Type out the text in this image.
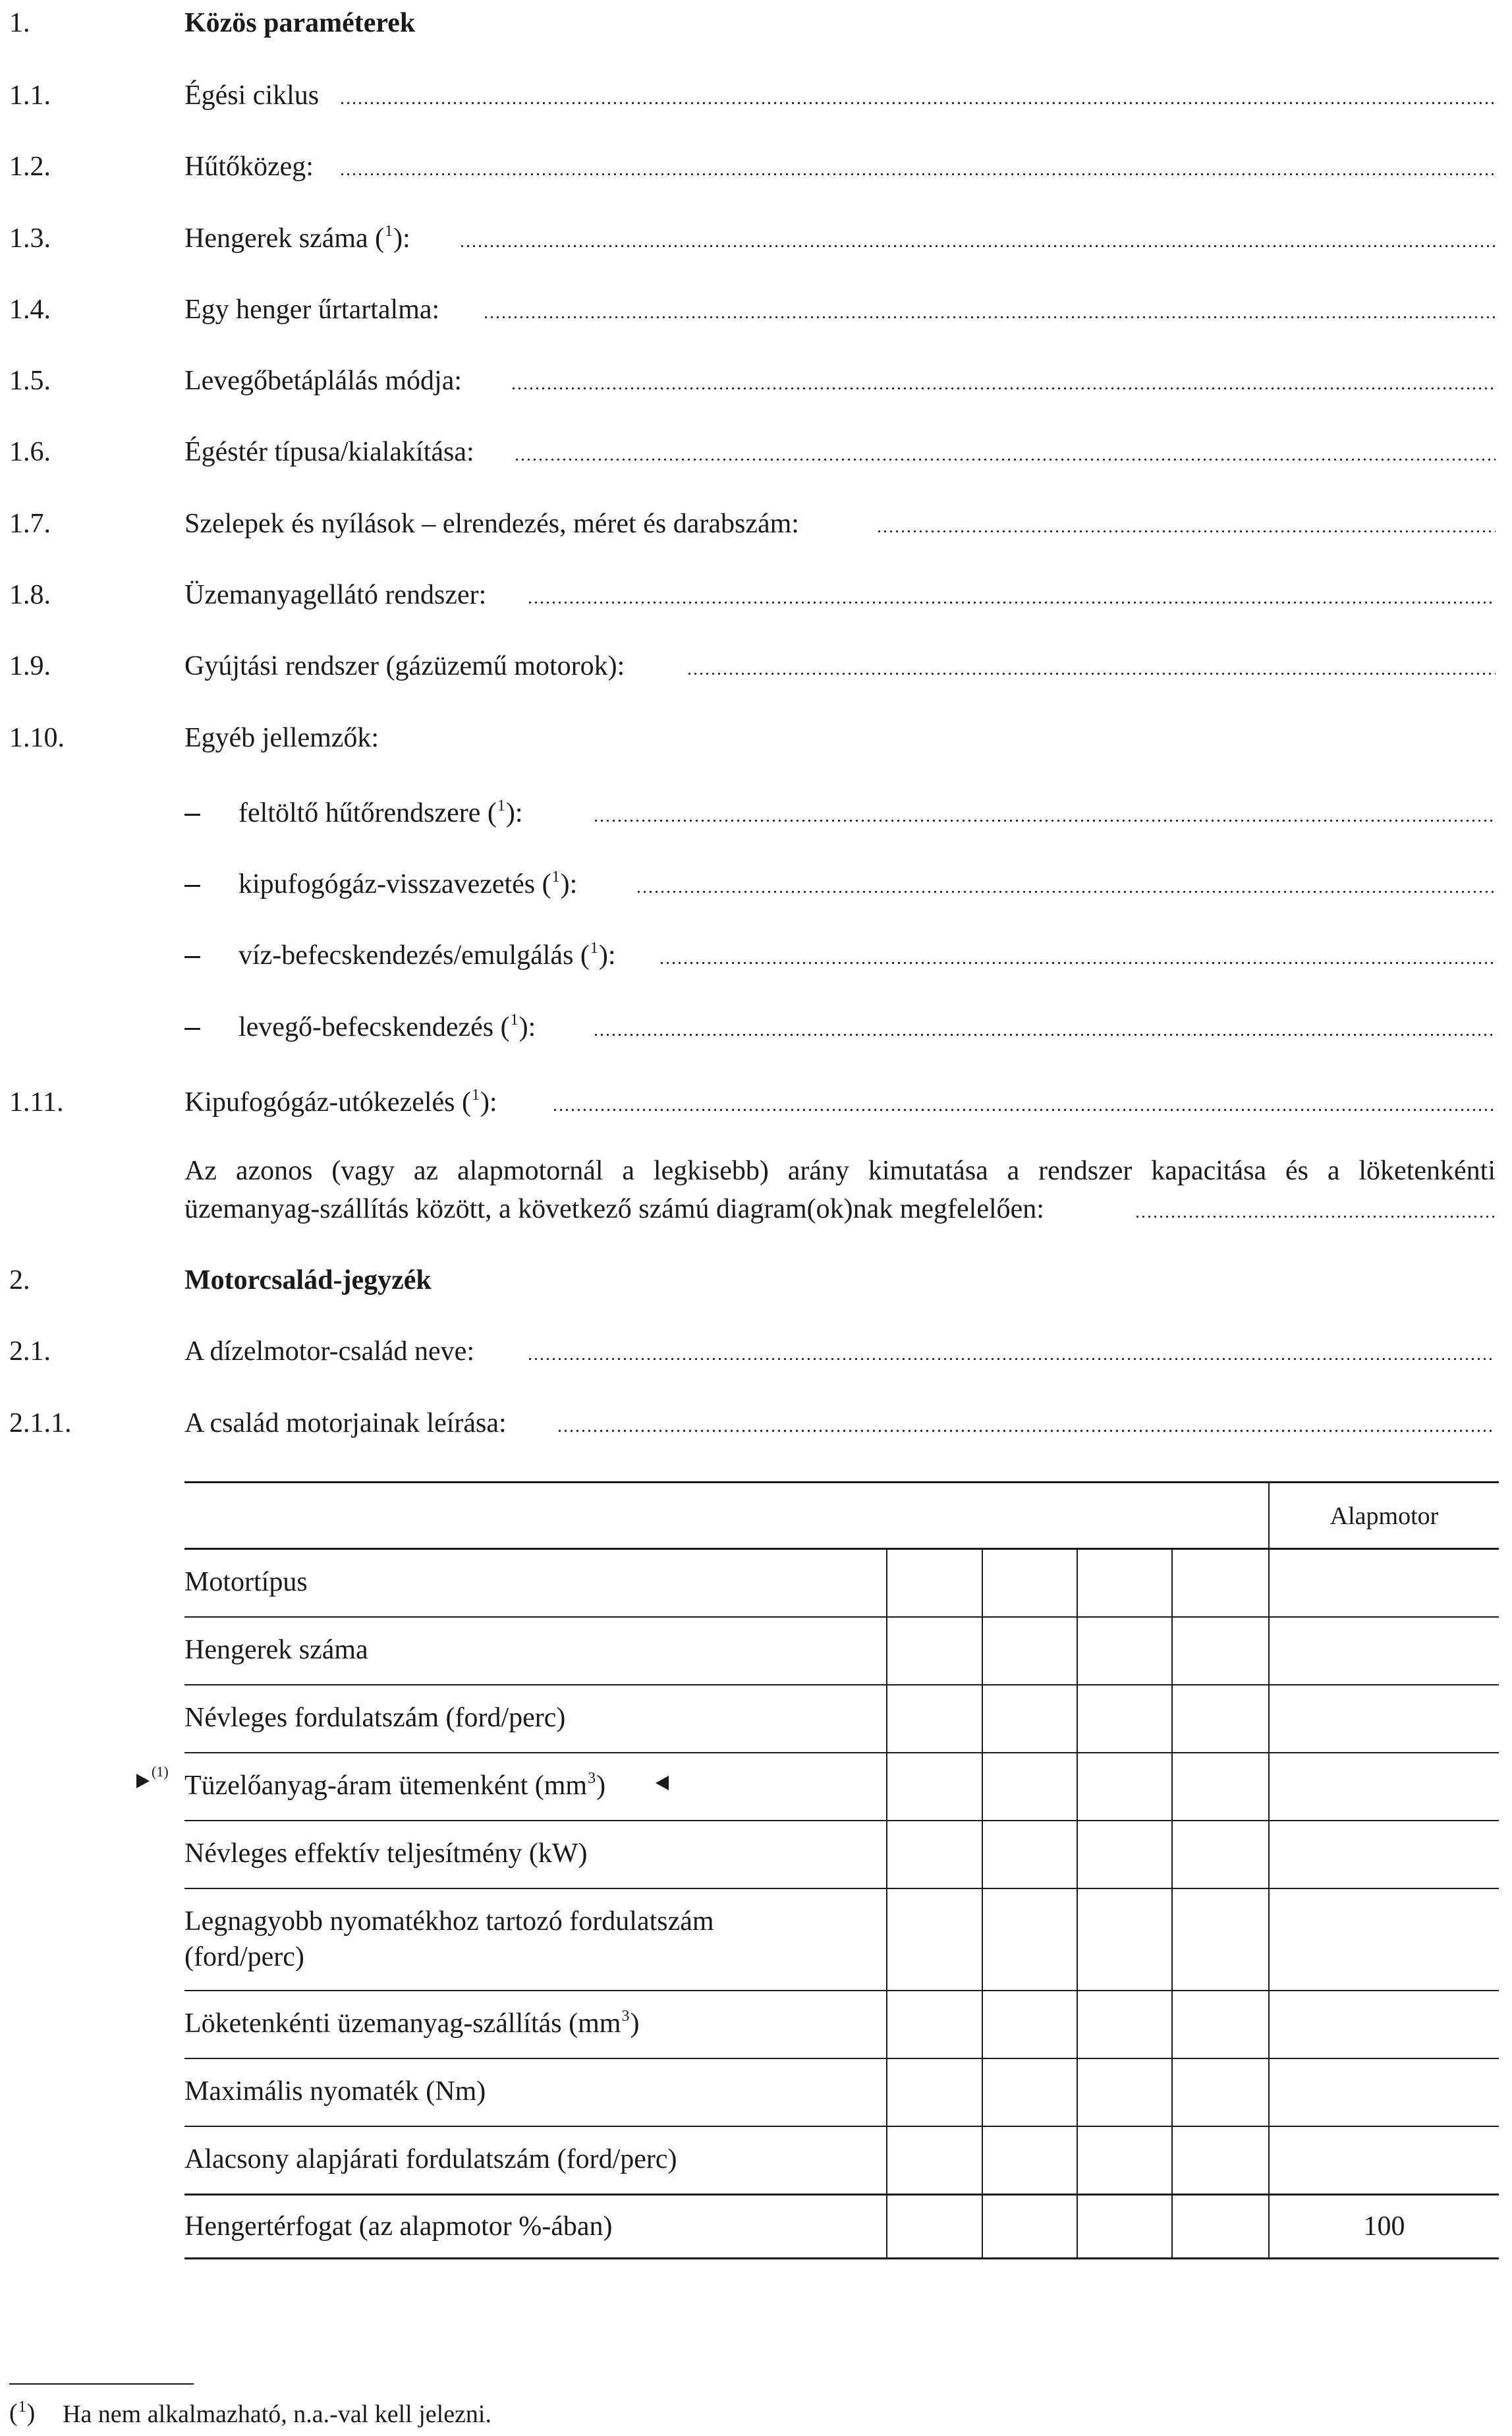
1.	Közös paraméterek
1.1.	Égési ciklus
1.2.	Hűtőközeg:
1.3.	Hengerek száma ($^1$):
1.4.	Egy henger űrtartalma:
1.5.	Levegőbetáplálás módja:
1.6.	Égéstér típusa/kialakítása:
1.7.	Szelepek és nyílások – elrendezés, méret és darabszám:
1.8.	Üzemanyagellátó rendszer:
1.9.	Gyújtási rendszer (gázüzemű motorok):
1.10.	Egyéb jellemzők:
feltöltő hűtőrendszere ($^1$):
kipufogógáz-visszavezetés ($^1$):
víz-befecskendezés/emulgálás ($^1$):
levegő-befecskendezés ($^1$):
1.11.	Kipufogógáz-utókezelés ($^1$):
Az azonos (vagy az alapmotornál a legkisebb) arány kimutatása a rendszer kapacitása és a löketenkénti
üzemanyag-szállítás között, a következő számú diagram(ok)nak megfelelően:
2.	Motorcsalád-jegyzék
2.1.	A dízelmotor-család neve:
2.1.1.	A család motorjainak leírása:
Alapmotor
Motortípus
Hengerek száma
Névleges fordulatszám (ford/perc)
(1) Tüzelőanyag-áram ütemenként $(mm^3)$
Névleges effektív teljesítmény (kW)
Legnagyobb nyomatékhoz tartozó fordulatszám
(ford/perc)
Löketenkénti üzemanyag-szállítás $(mm^3)$
Maximális nyomaték (Nm)
Alacsony alapjárati fordulatszám (ford/perc)
Hengertérfogat (az alapmotor %-ában)	100
($^1$) Ha nem alkalmazható, n.a.-val kell jelezni.
